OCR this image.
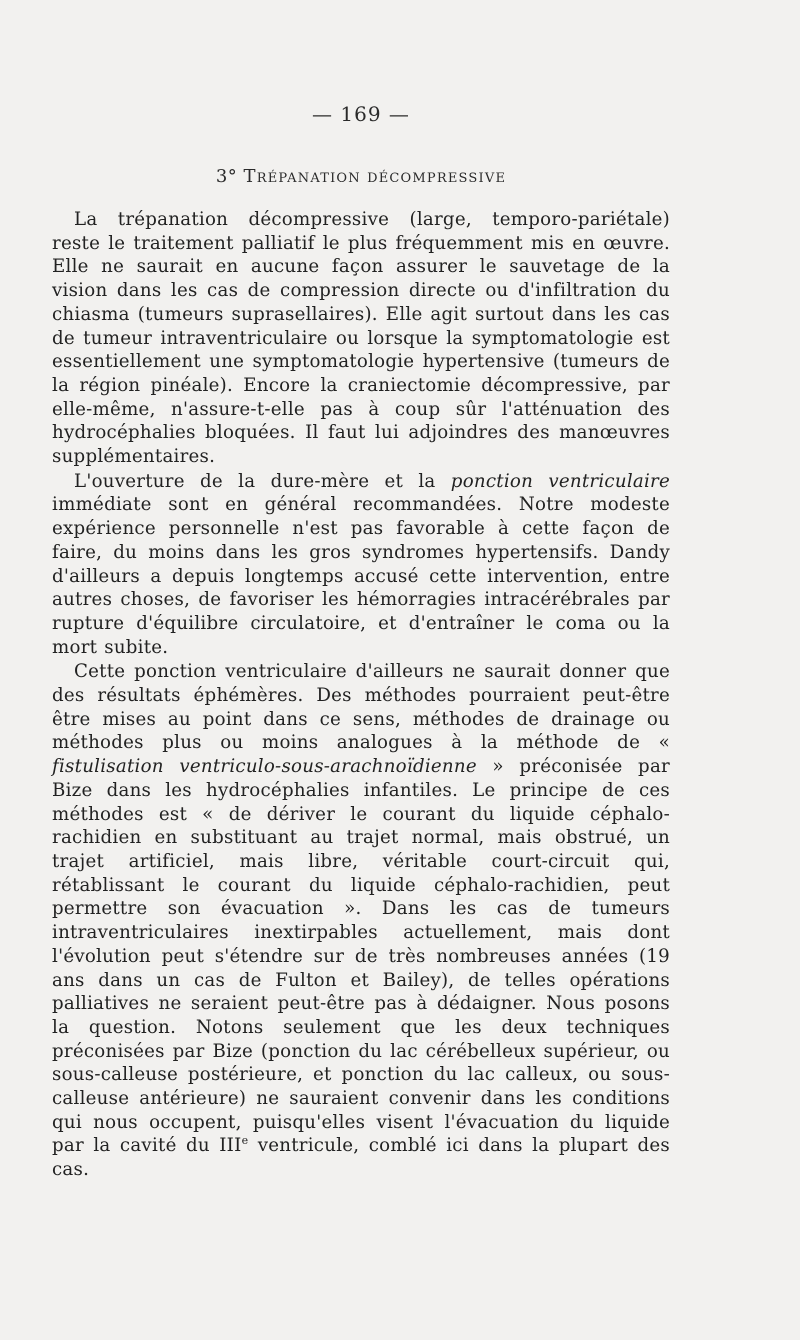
— 169 —
3° Trépanation décompressive

La trépanation décompressive (large, temporo-pariétale) reste le traitement palliatif le plus fréquemment mis en œuvre. Elle ne saurait en aucune façon assurer le sauvetage de la vision dans les cas de compression directe ou d'infiltration du chiasma (tumeurs suprasellaires). Elle agit surtout dans les cas de tumeur intraventriculaire ou lorsque la symptomatologie est essentiellement une symptomatologie hypertensive (tumeurs de la région pinéale). Encore la craniectomie décompressive, par elle-même, n'assure-t-elle pas à coup sûr l'atténuation des hydrocéphalies bloquées. Il faut lui adjoindres des manœuvres supplémentaires.

L'ouverture de la dure-mère et la ponction ventriculaire immédiate sont en général recommandées. Notre modeste expérience personnelle n'est pas favorable à cette façon de faire, du moins dans les gros syndromes hypertensifs. Dandy d'ailleurs a depuis longtemps accusé cette intervention, entre autres choses, de favoriser les hémorragies intracérébrales par rupture d'équilibre circulatoire, et d'entraîner le coma ou la mort subite.

Cette ponction ventriculaire d'ailleurs ne saurait donner que des résultats éphémères. Des méthodes pourraient peut-être être mises au point dans ce sens, méthodes de drainage ou méthodes plus ou moins analogues à la méthode de « fistulisation ventriculo-sous-arachnoïdienne » préconisée par Bize dans les hydrocéphalies infantiles. Le principe de ces méthodes est « de dériver le courant du liquide céphalo-rachidien en substituant au trajet normal, mais obstrué, un trajet artificiel, mais libre, véritable court-circuit qui, rétablissant le courant du liquide céphalo-rachidien, peut permettre son évacuation ». Dans les cas de tumeurs intraventriculaires inextirpables actuellement, mais dont l'évolution peut s'étendre sur de très nombreuses années (19 ans dans un cas de Fulton et Bailey), de telles opérations palliatives ne seraient peut-être pas à dédaigner. Nous posons la question. Notons seulement que les deux techniques préconisées par Bize (ponction du lac cérébelleux supérieur, ou sous-calleuse postérieure, et ponction du lac calleux, ou sous-calleuse antérieure) ne sauraient convenir dans les conditions qui nous occupent, puisqu'elles visent l'évacuation du liquide par la cavité du IIIe ventricule, comblé ici dans la plupart des cas.
